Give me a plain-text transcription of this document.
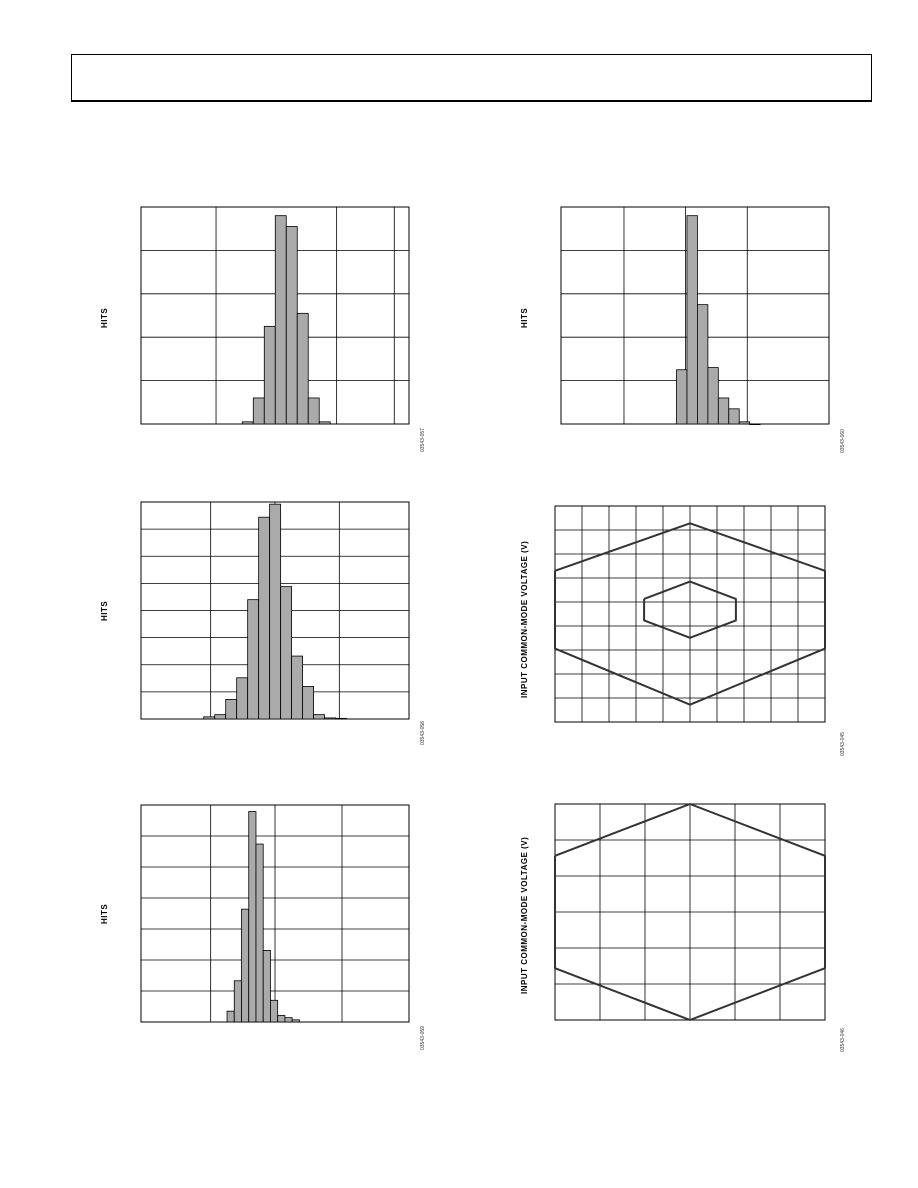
HITS
03543-057
HITS
03543-058
HITS
03543-059
HITS
03543-060
INPUT COMMON-MODE VOLTAGE (V)
03543-045
INPUT COMMON-MODE VOLTAGE (V)
03543-046
